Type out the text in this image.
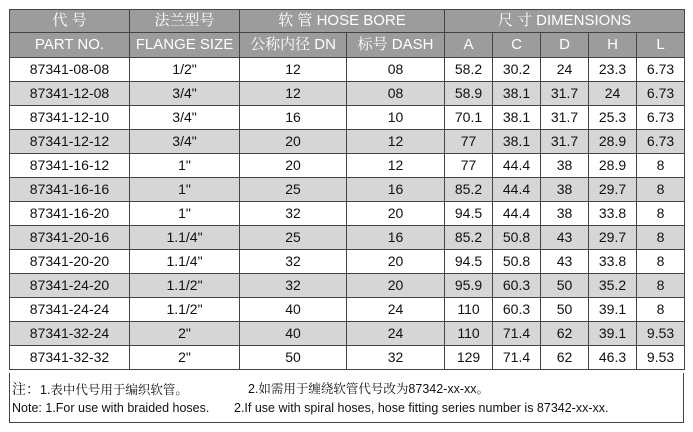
代 号	法兰型号	软 管 HOSE BORE		尺 寸 DIMENSIONS				
PART NO.	FLANGE SIZE	公称内径 DN	标号 DASH	A	C	D	H	L
87341-08-08	1/2"	12	08	58.2	30.2	24	23.3	6.73
87341-12-08	3/4"	12	08	58.9	38.1	31.7	24	6.73
87341-12-10	3/4"	16	10	70.1	38.1	31.7	25.3	6.73
87341-12-12	3/4"	20	12	77	38.1	31.7	28.9	6.73
87341-16-12	1"	20	12	77	44.4	38	28.9	8
87341-16-16	1"	25	16	85.2	44.4	38	29.7	8
87341-16-20	1"	32	20	94.5	44.4	38	33.8	8
87341-20-16	1.1/4"	25	16	85.2	50.8	43	29.7	8
87341-20-20	1.1/4"	32	20	94.5	50.8	43	33.8	8
87341-24-20	1.1/2"	32	20	95.9	60.3	50	35.2	8
87341-24-24	1.1/2"	40	24	110	60.3	50	39.1	8
87341-32-24	2"	40	24	110	71.4	62	39.1	9.53
87341-32-32	2"	50	32	129	71.4	62	46.3	9.53
注：1.表中代号用于编织软管。	2.如需用于缠绕软管代号改为87342-xx-xx。
Note: 1.For use with braided hoses. 2.If use with spiral hoses, hose fitting series number is 87342-xx-xx.
